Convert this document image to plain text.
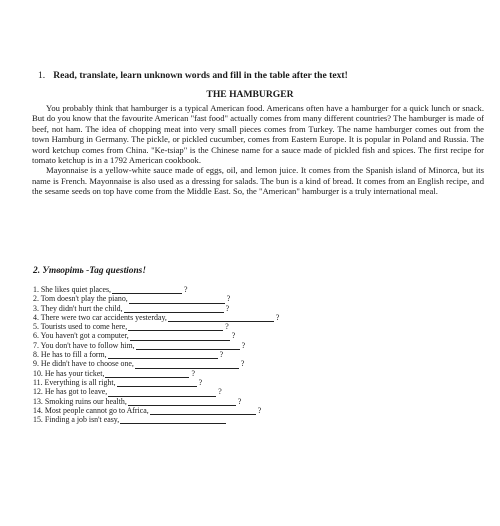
1. Read, translate, learn unknown words and fill in the table after the text!
THE HAMBURGER

You probably think that hamburger is a typical American food. Americans often have a hamburger for a quick lunch or snack. But do you know that the favourite American "fast food" actually comes from many different countries? The hamburger is made of beef, not ham. The idea of chopping meat into very small pieces comes from Turkey. The name hamburger comes out from the town Hamburg in Germany. The pickle, or pickled cucumber, comes from Eastern Europe. It is popular in Poland and Russia. The word ketchup comes from China. "Ke-tsiap" is the Chinese name for a sauce made of pickled fish and spices. The first recipe for tomato ketchup is in a 1792 American cookbook.

Mayonnaise is a yellow-white sauce made of eggs, oil, and lemon juice. It comes from the Spanish island of Minorca, but its name is French. Mayonnaise is also used as a dressing for salads. The bun is a kind of bread. It comes from an English recipe, and the sesame seeds on top have come from the Middle East. So, the "American" hamburger is a truly international meal.

2. Утворіть -Tag questions!
1. She likes quiet places,	?
2. Tom doesn't play the piano,	?
3. They didn't hurt the child,	?
4. There were two car accidents yesterday,	?
5. Tourists used to come here,	?
6. You haven't got a computer,	?
7. You don't have to follow him,	?
8. He has to fill a form,	?
9. He didn't have to choose one,	?
10. He has your ticket,	?
11. Everything is all right,	?
12. He has got to leave,	?
13. Smoking ruins our health,	?
14. Most people cannot go to Africa,	?
15. Finding a job isn't easy,
